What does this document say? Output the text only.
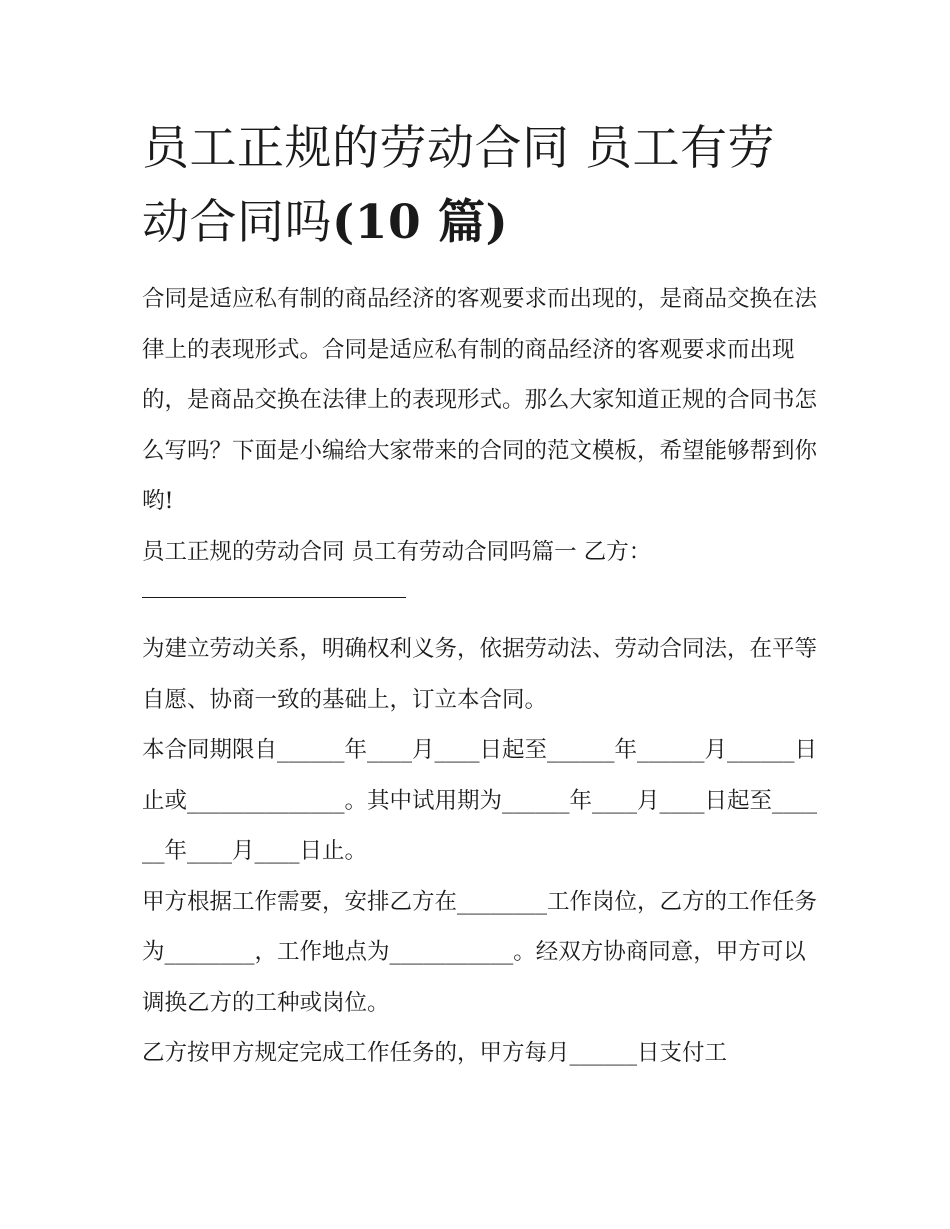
员工正规的劳动合同 员工有劳动合同吗(10 篇)

合同是适应私有制的商品经济的客观要求而出现的，是商品交换在法律上的表现形式。合同是适应私有制的商品经济的客观要求而出现的，是商品交换在法律上的表现形式。那么大家知道正规的合同书怎么写吗？下面是小编给大家带来的合同的范文模板，希望能够帮到你哟!

员工正规的劳动合同 员工有劳动合同吗篇一 乙方：

为建立劳动关系，明确权利义务，依据劳动法、劳动合同法，在平等自愿、协商一致的基础上，订立本合同。

本合同期限自______年____月____日起至______年______月______日止或______________。其中试用期为______年____月____日起至______年____月____日止。

甲方根据工作需要，安排乙方在________工作岗位，乙方的工作任务为________，工作地点为___________。经双方协商同意，甲方可以调换乙方的工种或岗位。

乙方按甲方规定完成工作任务的，甲方每月______日支付工
